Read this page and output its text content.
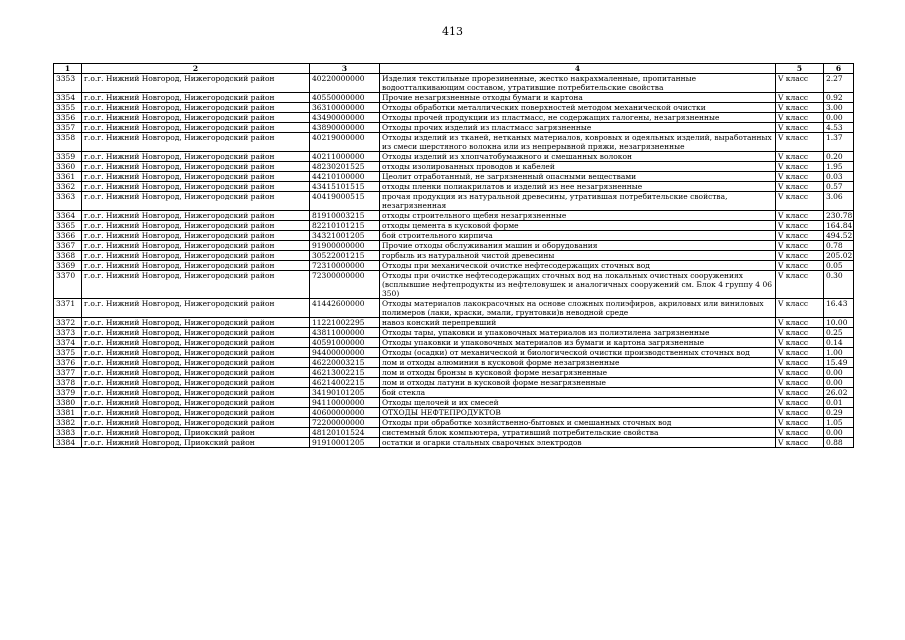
413
1	2	3	4	5	6
3353	г.о.г. Нижний Новгород, Нижегородский район	40220000000	Изделия текстильные прорезиненные, жестко накрахмаленные, пропитанные водоотталкивающим составом, утратившие потребительские свойства	V класс	2.27
3354	г.о.г. Нижний Новгород, Нижегородский район	40550000000	Прочие незагрязненные отходы бумаги и картона	V класс	0.92
3355	г.о.г. Нижний Новгород, Нижегородский район	36310000000	Отходы обработки металлических поверхностей методом механической очистки	V класс	3.00
3356	г.о.г. Нижний Новгород, Нижегородский район	43490000000	Отходы прочей продукции из пластмасс, не содержащих галогены, незагрязненные	V класс	0.00
3357	г.о.г. Нижний Новгород, Нижегородский район	43890000000	Отходы прочих изделий из пластмасс загрязненные	V класс	4.53
3358	г.о.г. Нижний Новгород, Нижегородский район	40219000000	Отходы изделий из тканей, нетканых материалов, ковровых и одеяльных изделий, выработанных из смеси шерстяного волокна или из непрерывной пряжи, незагрязненные	V класс	1.37
3359	г.о.г. Нижний Новгород, Нижегородский район	40211000000	Отходы изделий из хлопчатобумажного и смешанных волокон	V класс	0.20
3360	г.о.г. Нижний Новгород, Нижегородский район	48230201525	отходы изолированных проводов и кабелей	V класс	1.95
3361	г.о.г. Нижний Новгород, Нижегородский район	44210100000	Цеолит отработанный, не загрязненный опасными веществами	V класс	0.03
3362	г.о.г. Нижний Новгород, Нижегородский район	43415101515	отходы пленки полиакрилатов и изделий из нее незагрязненные	V класс	0.57
3363	г.о.г. Нижний Новгород, Нижегородский район	40419000515	прочая продукция из натуральной древесины, утратившая потребительские свойства, незагрязненная	V класс	3.06
3364	г.о.г. Нижний Новгород, Нижегородский район	81910003215	отходы строительного щебня незагрязненные	V класс	230.78
3365	г.о.г. Нижний Новгород, Нижегородский район	82210101215	отходы цемента в кусковой форме	V класс	164.84
3366	г.о.г. Нижний Новгород, Нижегородский район	34321001205	бой строительного кирпича	V класс	494.52
3367	г.о.г. Нижний Новгород, Нижегородский район	91900000000	Прочие отходы обслуживания машин и оборудования	V класс	0.78
3368	г.о.г. Нижний Новгород, Нижегородский район	30522001215	горбыль из натуральной чистой древесины	V класс	205.02
3369	г.о.г. Нижний Новгород, Нижегородский район	72310000000	Отходы при механической очистке нефтесодержащих сточных вод	V класс	0.05
3370	г.о.г. Нижний Новгород, Нижегородский район	72300000000	Отходы при очистке нефтесодержащих сточных вод на локальных очистных сооружениях (всплывшие нефтепродукты из нефтеловушек и аналогичных сооружений см. Блок 4 группу 4 06 350)	V класс	0.30
3371	г.о.г. Нижний Новгород, Нижегородский район	41442600000	Отходы материалов лакокрасочных на основе сложных полиэфиров, акриловых или виниловых полимеров (лаки, краски, эмали, грунтовки)в неводной среде	V класс	16.43
3372	г.о.г. Нижний Новгород, Нижегородский район	11221002295	навоз конский перепревший	V класс	10.00
3373	г.о.г. Нижний Новгород, Нижегородский район	43811000000	Отходы тары, упаковки и упаковочных материалов из полиэтилена загрязненные	V класс	0.25
3374	г.о.г. Нижний Новгород, Нижегородский район	40591000000	Отходы упаковки и упаковочных материалов из бумаги и картона загрязненные	V класс	0.14
3375	г.о.г. Нижний Новгород, Нижегородский район	94400000000	Отходы (осадки) от механической и биологической очистки производственных сточных вод	V класс	1.00
3376	г.о.г. Нижний Новгород, Нижегородский район	46220003215	лом и отходы алюминия в кусковой форме незагрязненные	V класс	15.49
3377	г.о.г. Нижний Новгород, Нижегородский район	46213002215	лом и отходы бронзы в кусковой форме незагрязненные	V класс	0.00
3378	г.о.г. Нижний Новгород, Нижегородский район	46214002215	лом и отходы латуни в кусковой форме незагрязненные	V класс	0.00
3379	г.о.г. Нижний Новгород, Нижегородский район	34190101205	бой стекла	V класс	26.02
3380	г.о.г. Нижний Новгород, Нижегородский район	94110000000	Отходы щелочей и их смесей	V класс	0.01
3381	г.о.г. Нижний Новгород, Нижегородский район	40600000000	ОТХОДЫ НЕФТЕПРОДУКТОВ	V класс	0.29
3382	г.о.г. Нижний Новгород, Нижегородский район	72200000000	Отходы при обработке хозяйственно-бытовых и смешанных сточных вод	V класс	1.05
3383	г.о.г. Нижний Новгород, Приокский район	48120101524	системный блок компьютера, утративший потребительские свойства	V класс	0.00
3384	г.о.г. Нижний Новгород, Приокский район	91910001205	остатки и огарки стальных сварочных электродов	V класс	0.88
